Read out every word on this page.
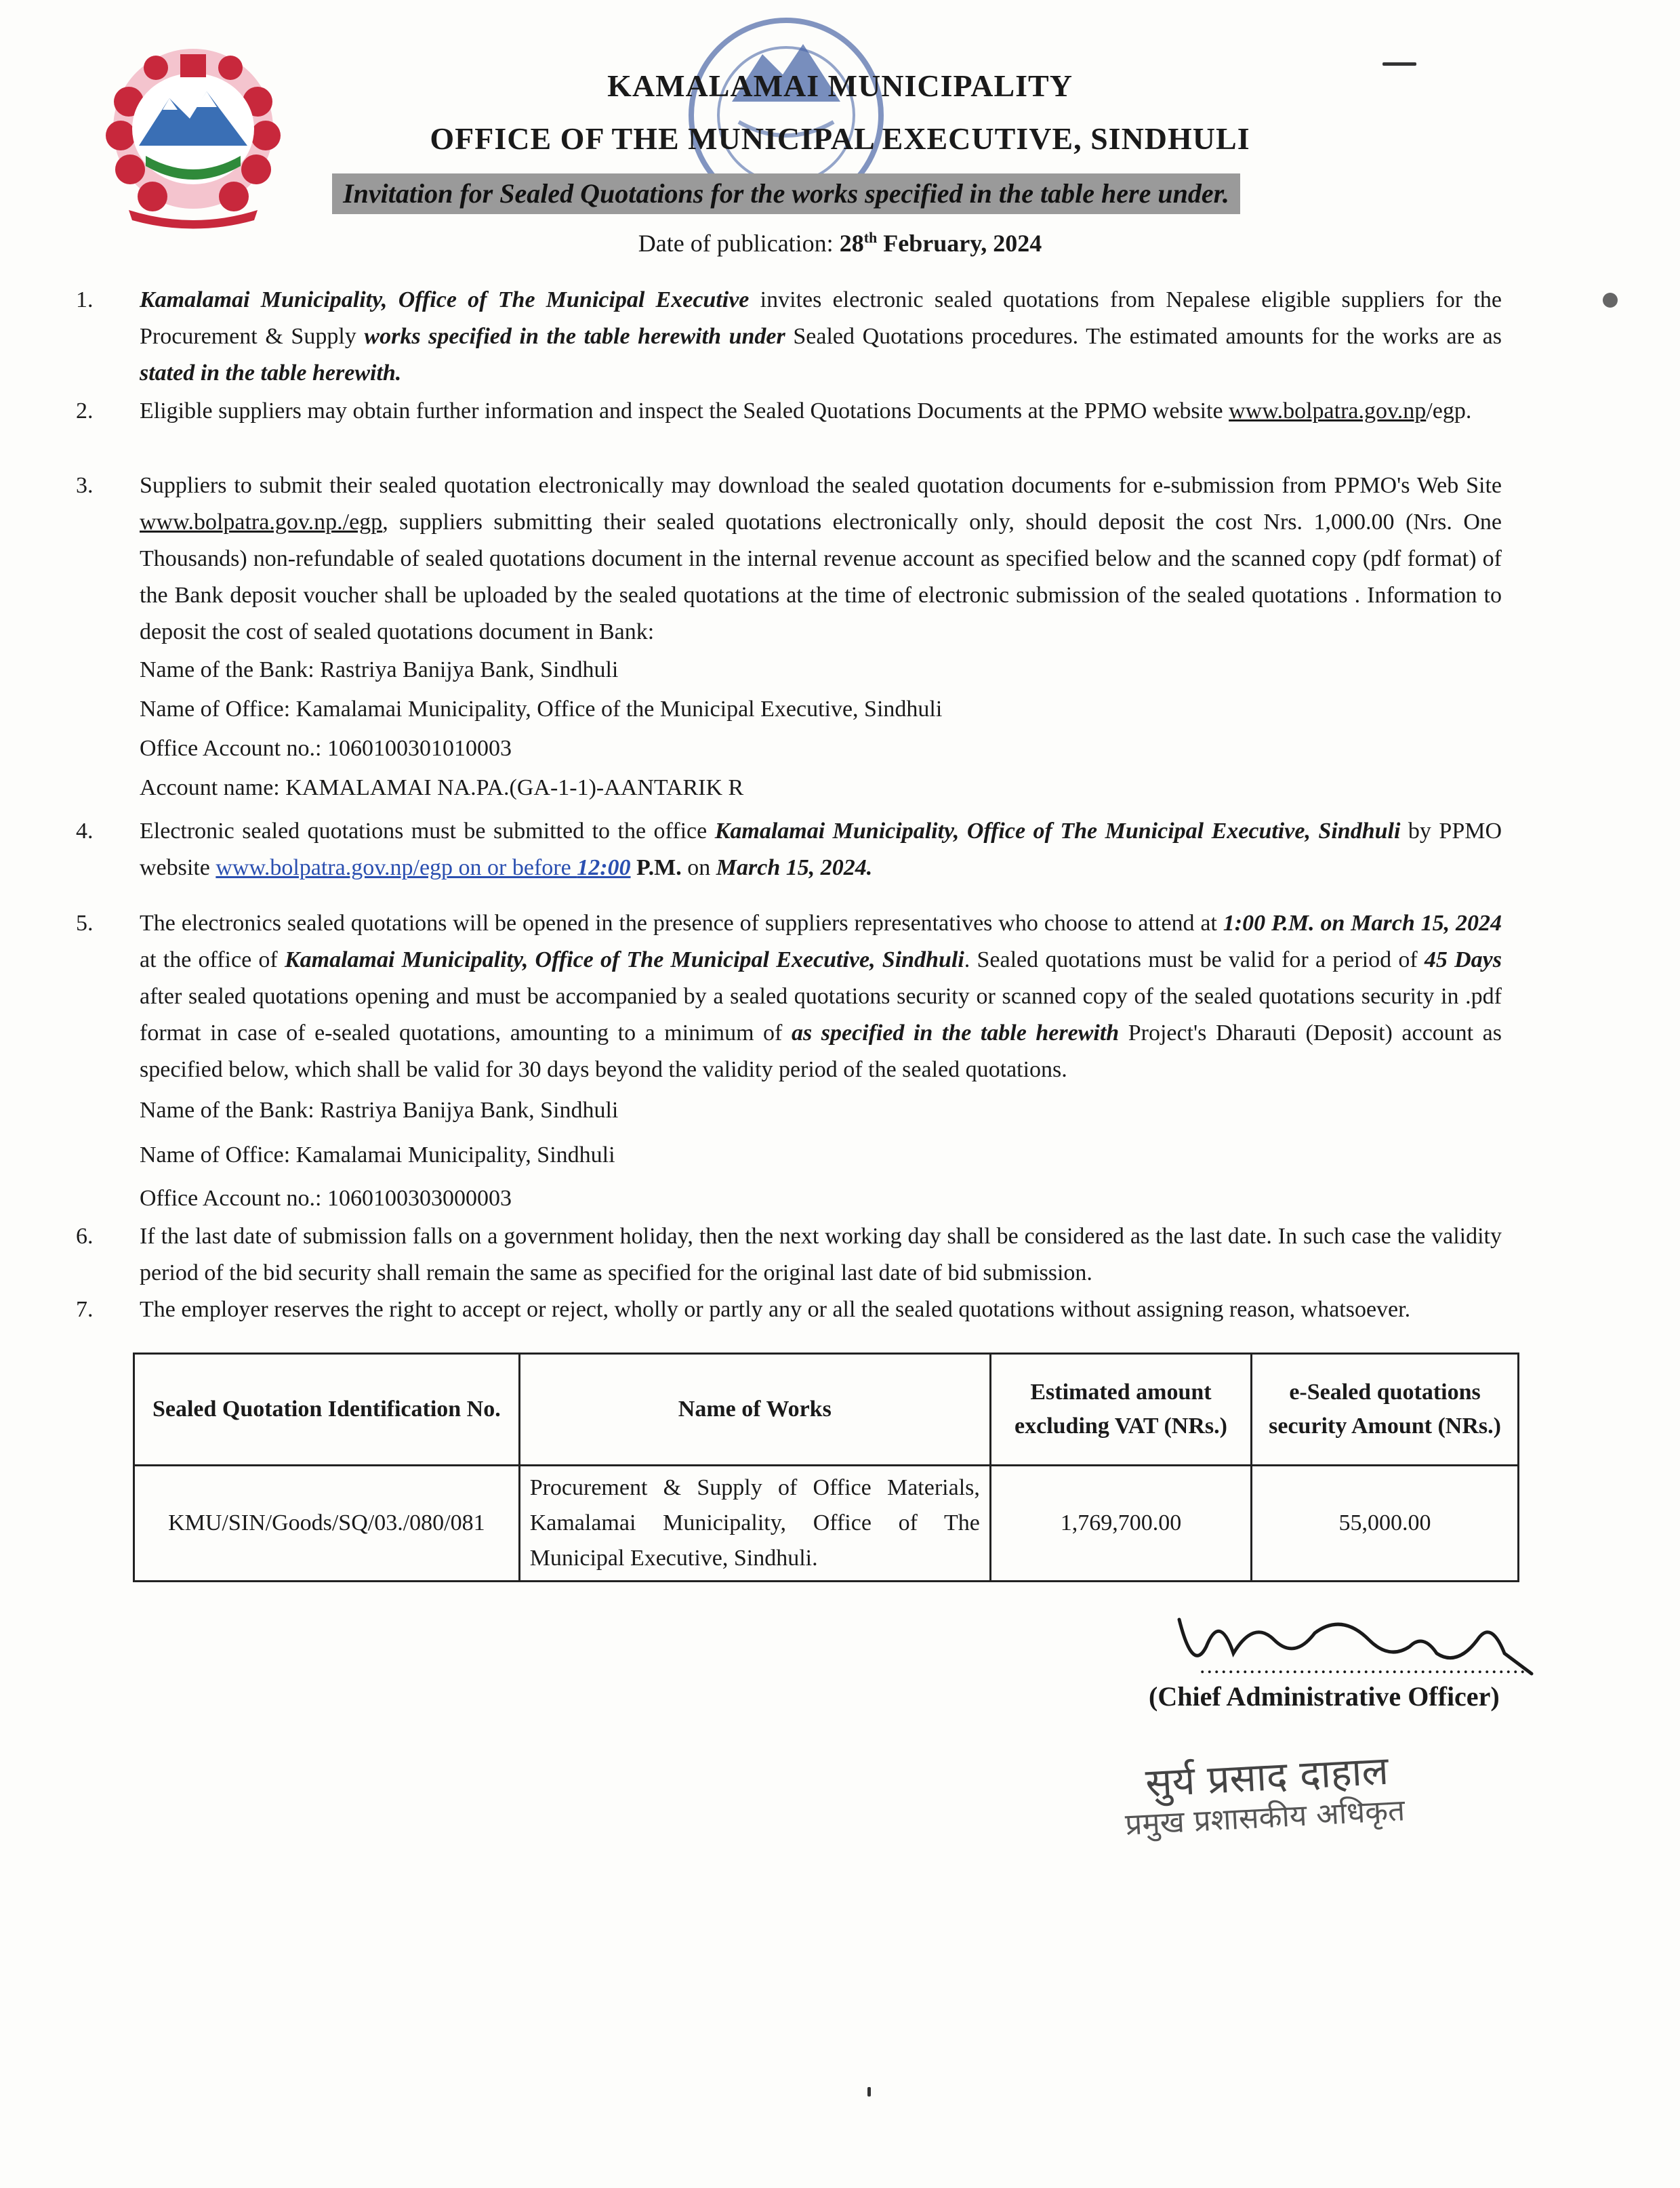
KAMALAMAI MUNICIPALITY
OFFICE OF THE MUNICIPAL EXECUTIVE, SINDHULI
Invitation for Sealed Quotations for the works specified in the table here under.
Date of publication: 28th February, 2024
1. Kamalamai Municipality, Office of The Municipal Executive invites electronic sealed quotations from Nepalese eligible suppliers for the Procurement & Supply works specified in the table herewith under Sealed Quotations procedures. The estimated amounts for the works are as stated in the table herewith.
2. Eligible suppliers may obtain further information and inspect the Sealed Quotations Documents at the PPMO website www.bolpatra.gov.np/egp.
3. Suppliers to submit their sealed quotation electronically may download the sealed quotation documents for e-submission from PPMO's Web Site www.bolpatra.gov.np./egp, suppliers submitting their sealed quotations electronically only, should deposit the cost Nrs. 1,000.00 (Nrs. One Thousands) non-refundable of sealed quotations document in the internal revenue account as specified below and the scanned copy (pdf format) of the Bank deposit voucher shall be uploaded by the sealed quotations at the time of electronic submission of the sealed quotations . Information to deposit the cost of sealed quotations document in Bank:
Name of the Bank: Rastriya Banijya Bank, Sindhuli
Name of Office: Kamalamai Municipality, Office of the Municipal Executive, Sindhuli
Office Account no.: 1060100301010003
Account name: KAMALAMAI NA.PA.(GA-1-1)-AANTARIK R
4. Electronic sealed quotations must be submitted to the office Kamalamai Municipality, Office of The Municipal Executive, Sindhuli by PPMO website www.bolpatra.gov.np/egp on or before 12:00 P.M. on March 15, 2024.
5. The electronics sealed quotations will be opened in the presence of suppliers representatives who choose to attend at 1:00 P.M. on March 15, 2024 at the office of Kamalamai Municipality, Office of The Municipal Executive, Sindhuli. Sealed quotations must be valid for a period of 45 Days after sealed quotations opening and must be accompanied by a sealed quotations security or scanned copy of the sealed quotations security in .pdf format in case of e-sealed quotations, amounting to a minimum of as specified in the table herewith Project's Dharauti (Deposit) account as specified below, which shall be valid for 30 days beyond the validity period of the sealed quotations.
Name of the Bank: Rastriya Banijya Bank, Sindhuli
Name of Office: Kamalamai Municipality, Sindhuli
Office Account no.: 1060100303000003
6. If the last date of submission falls on a government holiday, then the next working day shall be considered as the last date. In such case the validity period of the bid security shall remain the same as specified for the original last date of bid submission.
7. The employer reserves the right to accept or reject, wholly or partly any or all the sealed quotations without assigning reason, whatsoever.
Sealed Quotation Identification No.	Name of Works	Estimated amount excluding VAT (NRs.)	e-Sealed quotations security Amount (NRs.)
KMU/SIN/Goods/SQ/03./080/081	Procurement & Supply of Office Materials, Kamalamai Municipality, Office of The Municipal Executive, Sindhuli.	1,769,700.00	55,000.00
...............................................
(Chief Administrative Officer)
सुर्य प्रसाद दाहाल
प्रमुख प्रशासकीय अधिकृत
